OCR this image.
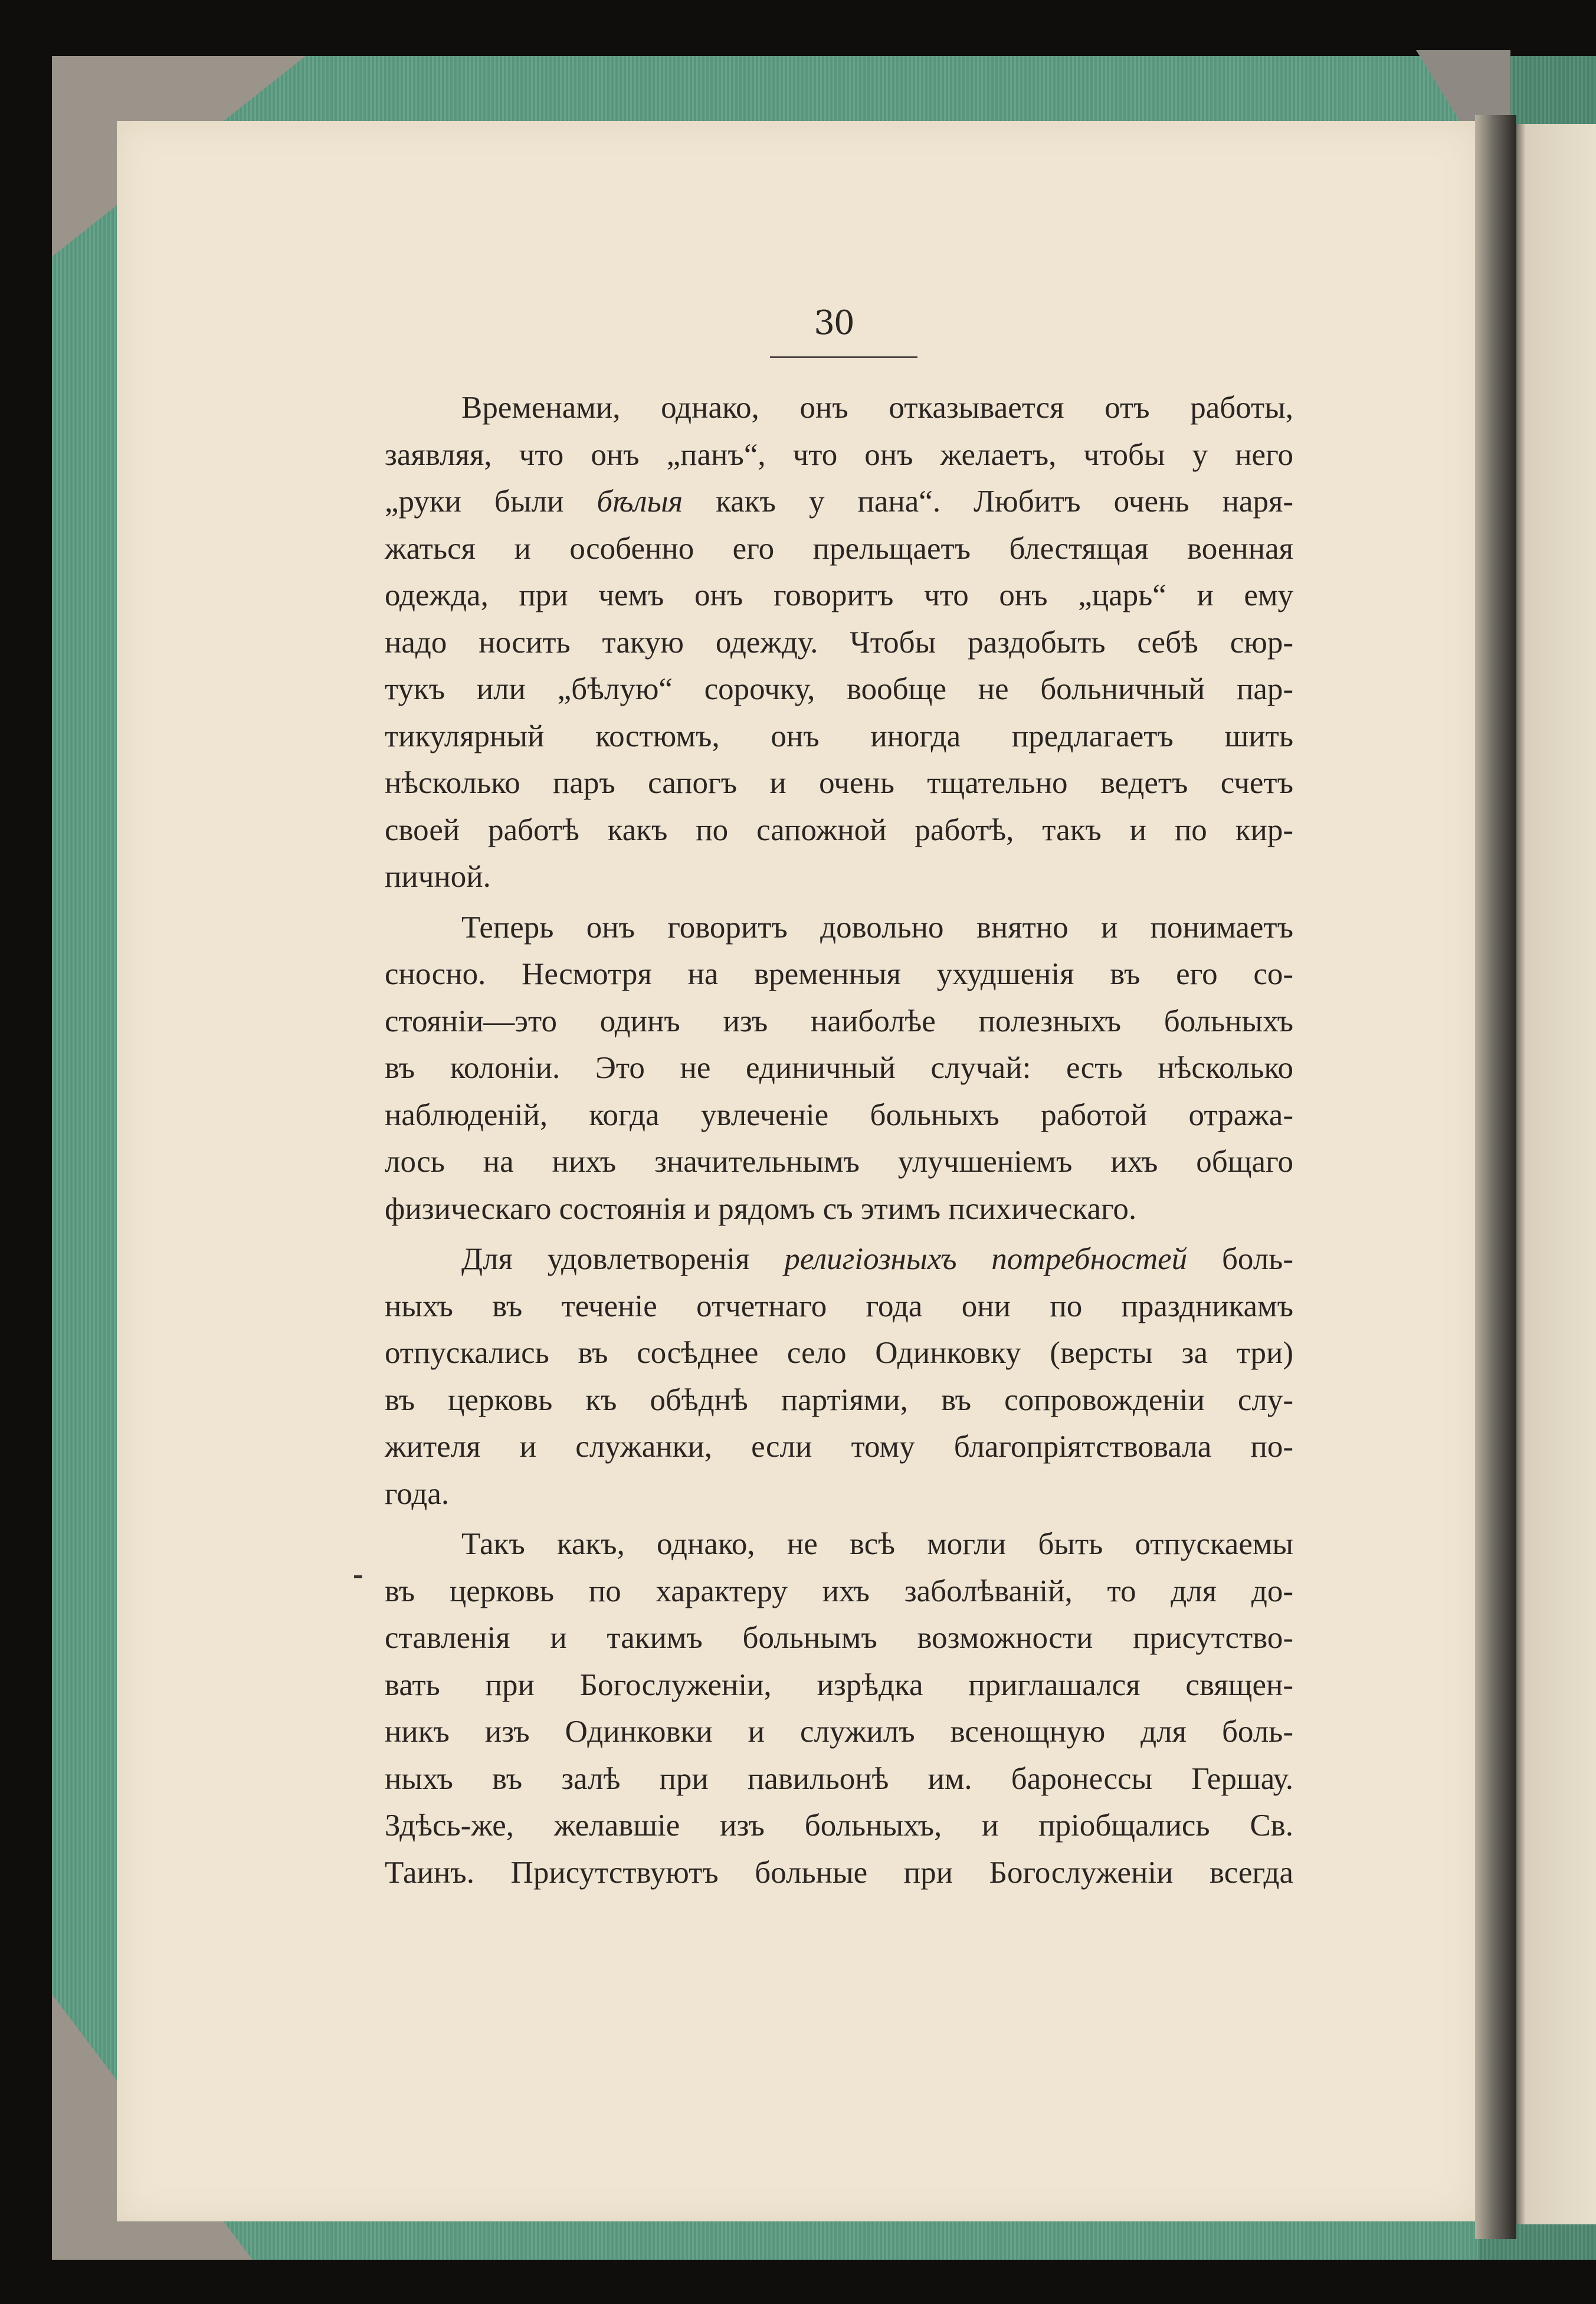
30
Временами, однако, онъ отказывается отъ работы,
заявляя, что онъ „панъ“, что онъ желаетъ, чтобы у него
„руки были бѣлыя какъ у пана“. Любитъ очень наря-
жаться и особенно его прельщаетъ блестящая военная
одежда, при чемъ онъ говоритъ что онъ „царь“ и ему
надо носить такую одежду. Чтобы раздобыть себѣ сюр-
тукъ или „бѣлую“ сорочку, вообще не больничный пар-
тикулярный костюмъ, онъ иногда предлагаетъ шить
нѣсколько паръ сапогъ и очень тщательно ведетъ счетъ
своей работѣ какъ по сапожной работѣ, такъ и по кир-
пичной.
Теперь онъ говоритъ довольно внятно и понимаетъ
сносно. Несмотря на временныя ухудшенія въ его со-
стояніи—это одинъ изъ наиболѣе полезныхъ больныхъ
въ колоніи. Это не единичный случай: есть нѣсколько
наблюденій, когда увлеченіе больныхъ работой отража-
лось на нихъ значительнымъ улучшеніемъ ихъ общаго
физическаго состоянія и рядомъ съ этимъ психическаго.
Для удовлетворенія религіозныхъ потребностей боль-
ныхъ въ теченіе отчетнаго года они по праздникамъ
отпускались въ сосѣднее село Одинковку (версты за три)
въ церковь къ обѣднѣ партіями, въ сопровожденіи слу-
жителя и служанки, если тому благопріятствовала по-
года.
Такъ какъ, однако, не всѣ могли быть отпускаемы
въ церковь по характеру ихъ заболѣваній, то для до-
ставленія и такимъ больнымъ возможности присутство-
вать при Богослуженіи, изрѣдка приглашался священ-
никъ изъ Одинковки и служилъ всенощную для боль-
ныхъ въ залѣ при павильонѣ им. баронессы Гершау.
Здѣсь-же, желавшіе изъ больныхъ, и пріобщались Св.
Таинъ. Присутствуютъ больные при Богослуженіи всегда
